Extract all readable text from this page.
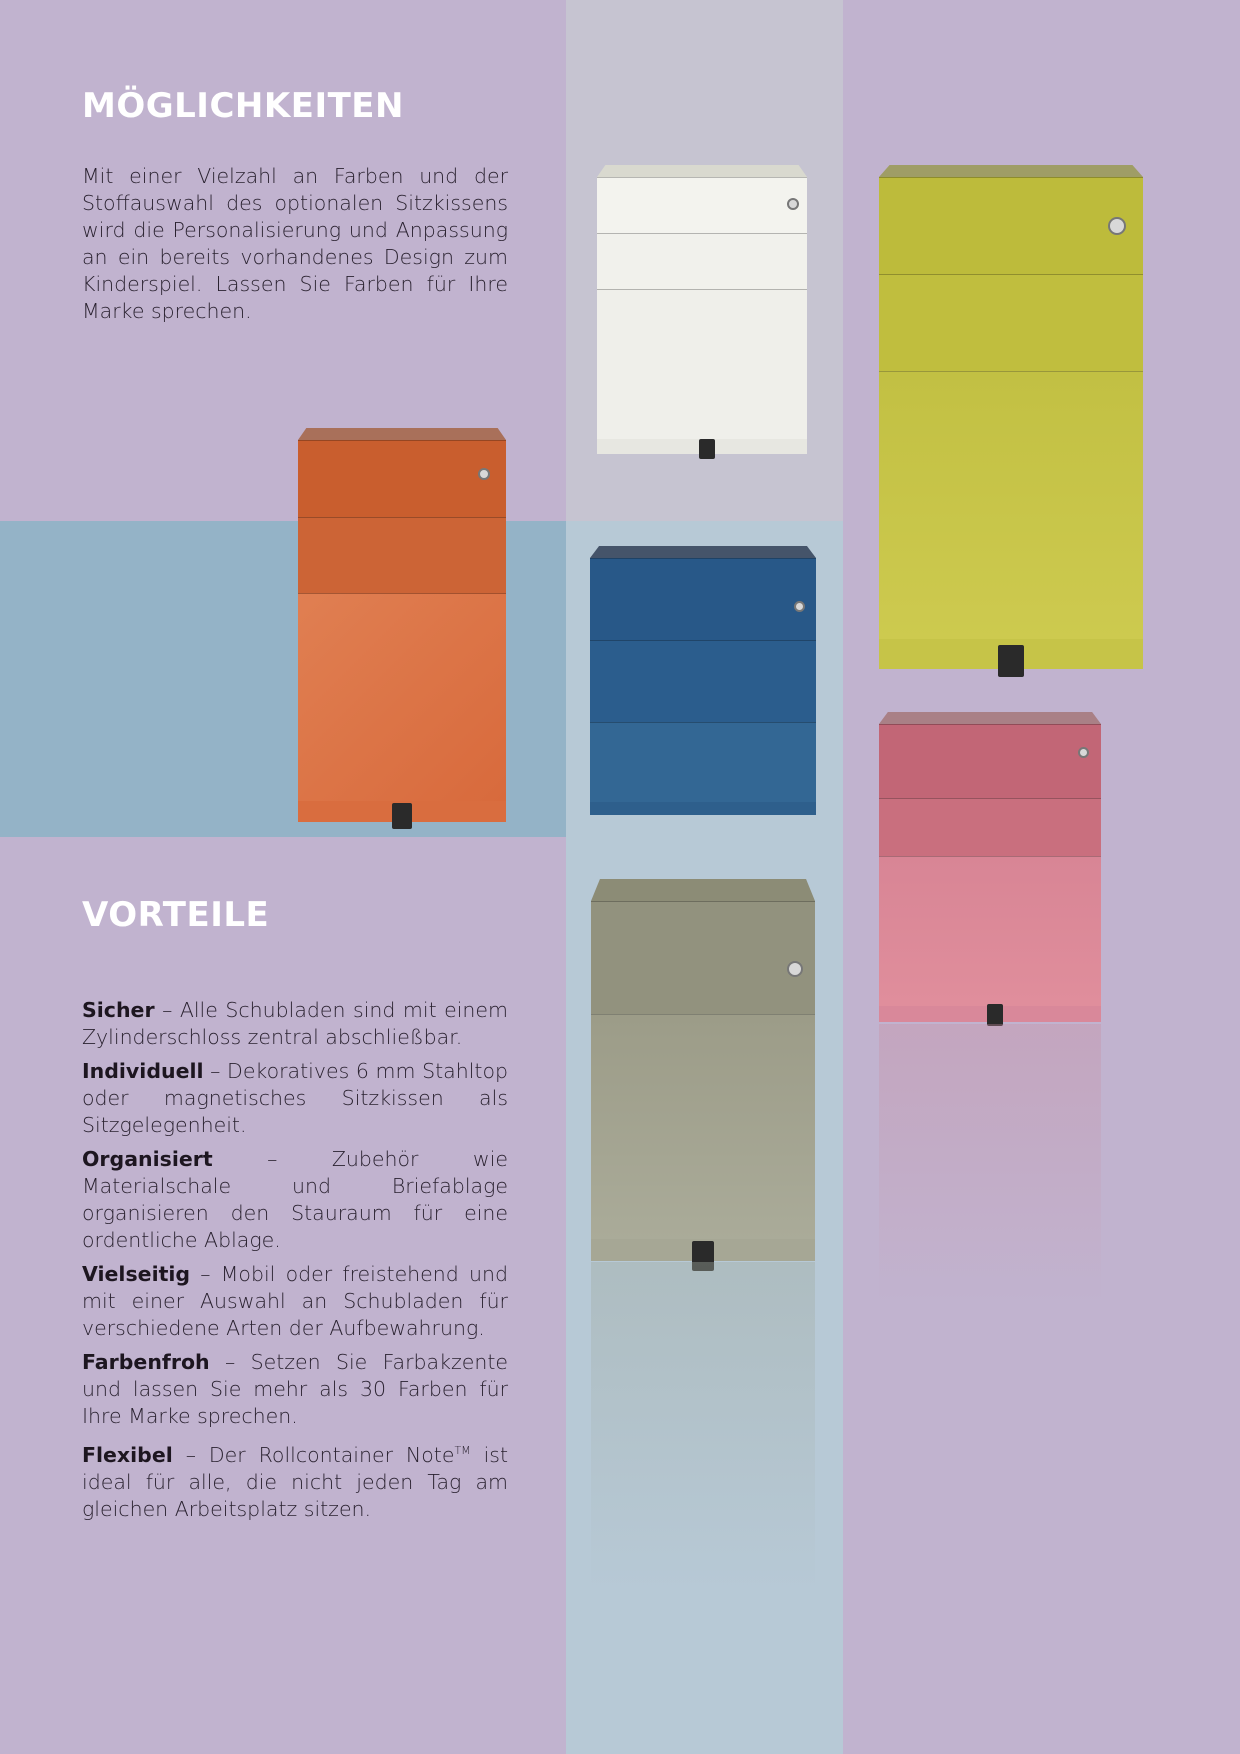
MÖGLICHKEITEN
Mit einer Vielzahl an Farben und der Stoffauswahl des optionalen Sitzkissens wird die Personalisierung und Anpassung an ein bereits vorhandenes Design zum Kinderspiel. Lassen Sie Farben für Ihre Marke sprechen.
VORTEILE

Sicher – Alle Schubladen sind mit einem Zylinderschloss zentral abschließbar.

Individuell – Dekoratives 6 mm Stahltop oder magnetisches Sitzkissen als Sitzgelegenheit.

Organisiert – Zubehör wie Materialschale und Briefablage organisieren den Stauraum für eine ordentliche Ablage.

Vielseitig – Mobil oder freistehend und mit einer Auswahl an Schubladen für verschiedene Arten der Aufbewahrung.

Farbenfroh – Setzen Sie Farbakzente und lassen Sie mehr als 30 Farben für Ihre Marke sprechen.

Flexibel – Der Rollcontainer Note™ ist ideal für alle, die nicht jeden Tag am gleichen Arbeitsplatz sitzen.
